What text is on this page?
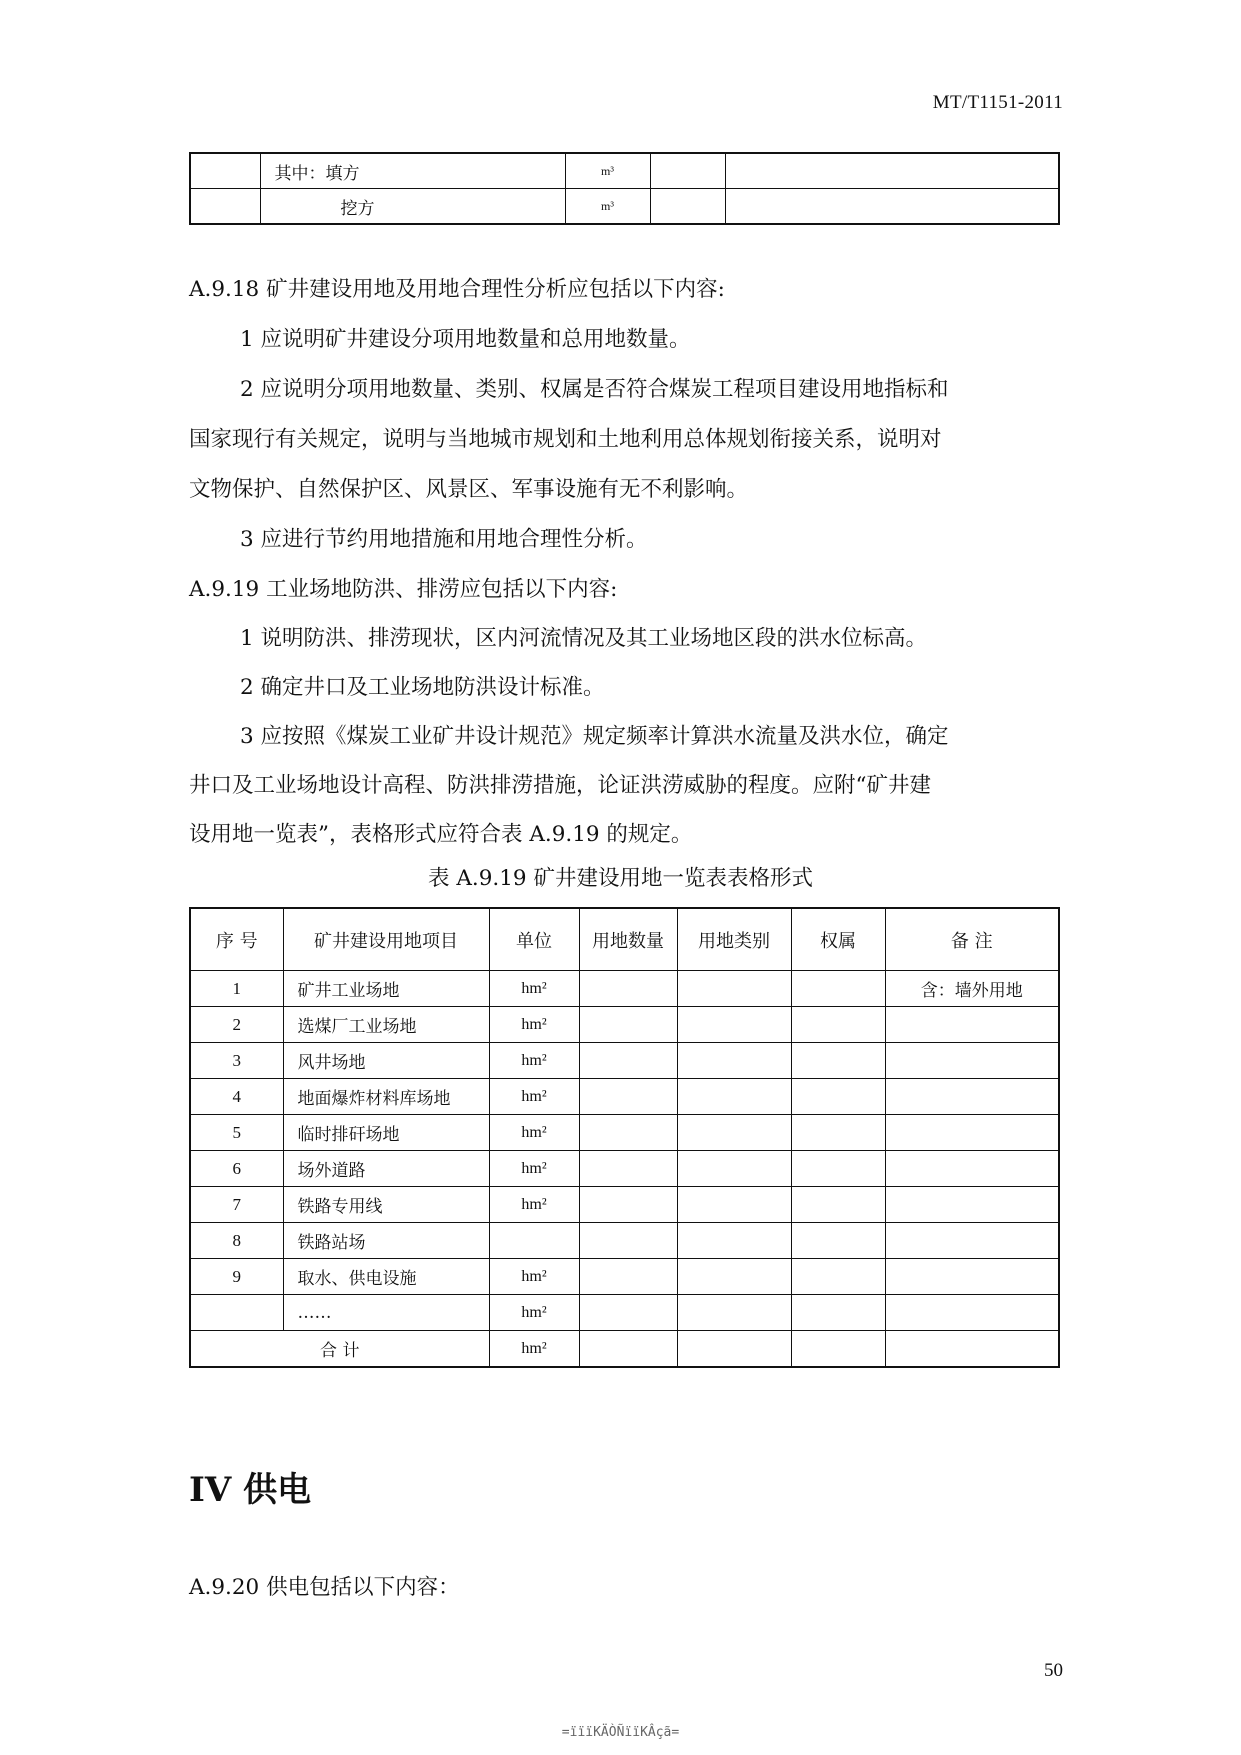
MT/T1151-2011
	其中：填方	m³		
	挖方	m³		
A.9.18 矿井建设用地及用地合理性分析应包括以下内容:
1 应说明矿井建设分项用地数量和总用地数量。
2 应说明分项用地数量、类别、权属是否符合煤炭工程项目建设用地指标和
国家现行有关规定，说明与当地城市规划和土地利用总体规划衔接关系，说明对
文物保护、自然保护区、风景区、军事设施有无不利影响。
3 应进行节约用地措施和用地合理性分析。
A.9.19 工业场地防洪、排涝应包括以下内容:
1 说明防洪、排涝现状，区内河流情况及其工业场地区段的洪水位标高。
2 确定井口及工业场地防洪设计标准。
3 应按照《煤炭工业矿井设计规范》规定频率计算洪水流量及洪水位，确定
井口及工业场地设计高程、防洪排涝措施，论证洪涝威胁的程度。应附“矿井建
设用地一览表”，表格形式应符合表 A.9.19 的规定。
表 A.9.19 矿井建设用地一览表表格形式
序 号	矿井建设用地项目	单位	用地数量	用地类别	权属	备 注
1	矿井工业场地	hm²				含：墙外用地
2	选煤厂工业场地	hm²				
3	风井场地	hm²				
4	地面爆炸材料库场地	hm²				
5	临时排矸场地	hm²				
6	场外道路	hm²				
7	铁路专用线	hm²				
8	铁路站场					
9	取水、供电设施	hm²				
	……	hm²				
合 计		hm²				
IV 供电
A.9.20 供电包括以下内容：
50
=ïïïKÄÒÑïïKÂçã=
